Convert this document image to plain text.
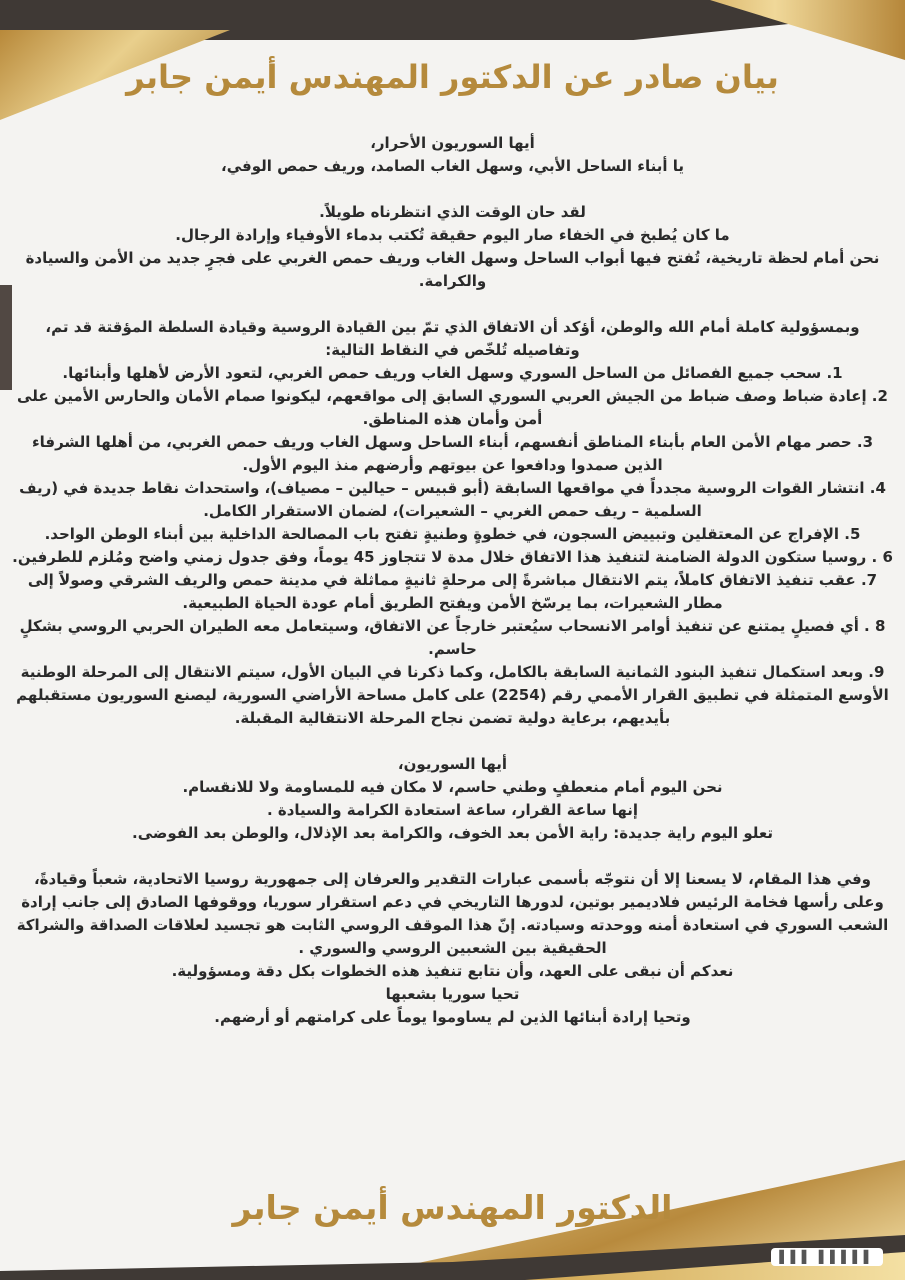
▌▌▌▌▌ ▌▌▌
بيان صادر عن الدكتور المهندس أيمن جابر

أيها السوريون الأحرار،

يا أبناء الساحل الأبي، وسهل الغاب الصامد، وريف حمص الوفي،

لقد حان الوقت الذي انتظرناه طويلاً.

ما كان يُطبخ في الخفاء صار اليوم حقيقة تُكتب بدماء الأوفياء وإرادة الرجال.

نحن أمام لحظة تاريخية، تُفتح فيها أبواب الساحل وسهل الغاب وريف حمص الغربي على فجرٍ جديد من الأمن والسيادة والكرامة.

وبمسؤولية كاملة أمام الله والوطن، أؤكد أن الاتفاق الذي تمّ بين القيادة الروسية وقيادة السلطة المؤقتة قد تم، وتفاصيله تُلخّص في النقاط التالية:

1. سحب جميع الفصائل من الساحل السوري وسهل الغاب وريف حمص الغربي، لتعود الأرض لأهلها وأبنائها.
2. إعادة ضباط وصف ضباط من الجيش العربي السوري السابق إلى مواقعهم، ليكونوا صمام الأمان والحارس الأمين على أمن وأمان هذه المناطق.
3. حصر مهام الأمن العام بأبناء المناطق أنفسهم، أبناء الساحل وسهل الغاب وريف حمص الغربي، من أهلها الشرفاء الذين صمدوا ودافعوا عن بيوتهم وأرضهم منذ اليوم الأول.
4. انتشار القوات الروسية مجدداً في مواقعها السابقة (أبو قبيس – حيالين – مصياف)، واستحداث نقاط جديدة في (ريف السلمية – ريف حمص الغربي – الشعيرات)، لضمان الاستقرار الكامل.
5. الإفراج عن المعتقلين وتبييض السجون، في خطوةٍ وطنيةٍ تفتح باب المصالحة الداخلية بين أبناء الوطن الواحد.
6 . روسيا ستكون الدولة الضامنة لتنفيذ هذا الاتفاق خلال مدة لا تتجاوز 45 يوماً، وفق جدول زمني واضح ومُلزم للطرفين.
7. عقب تنفيذ الاتفاق كاملاً، يتم الانتقال مباشرةً إلى مرحلةٍ ثانيةٍ مماثلة في مدينة حمص والريف الشرقي وصولاً إلى مطار الشعيرات، بما يرسّخ الأمن ويفتح الطريق أمام عودة الحياة الطبيعية.
8 . أي فصيلٍ يمتنع عن تنفيذ أوامر الانسحاب سيُعتبر خارجاً عن الاتفاق، وسيتعامل معه الطيران الحربي الروسي بشكلٍ حاسم.
9. وبعد استكمال تنفيذ البنود الثمانية السابقة بالكامل، وكما ذكرنا في البيان الأول، سيتم الانتقال إلى المرحلة الوطنية الأوسع المتمثلة في تطبيق القرار الأممي رقم (2254) على كامل مساحة الأراضي السورية، ليصنع السوريون مستقبلهم بأيديهم، برعاية دولية تضمن نجاح المرحلة الانتقالية المقبلة.

أيها السوريون،

نحن اليوم أمام منعطفٍ وطني حاسم، لا مكان فيه للمساومة ولا للانقسام.

إنها ساعة القرار، ساعة استعادة الكرامة والسيادة .

تعلو اليوم راية جديدة: راية الأمن بعد الخوف، والكرامة بعد الإذلال، والوطن بعد الفوضى.

وفي هذا المقام، لا يسعنا إلا أن نتوجّه بأسمى عبارات التقدير والعرفان إلى جمهورية روسيا الاتحادية، شعباً وقيادةً، وعلى رأسها فخامة الرئيس فلاديمير بوتين، لدورها التاريخي في دعم استقرار سوريا، ووقوفها الصادق إلى جانب إرادة الشعب السوري في استعادة أمنه ووحدته وسيادته. إنّ هذا الموقف الروسي الثابت هو تجسيد لعلاقات الصداقة والشراكة الحقيقية بين الشعبين الروسي والسوري .

نعدكم أن نبقى على العهد، وأن نتابع تنفيذ هذه الخطوات بكل دقة ومسؤولية.

تحيا سوريا بشعبها

وتحيا إرادة أبنائها الذين لم يساوموا يوماً على كرامتهم أو أرضهم.

الدكتور المهندس أيمن جابر
